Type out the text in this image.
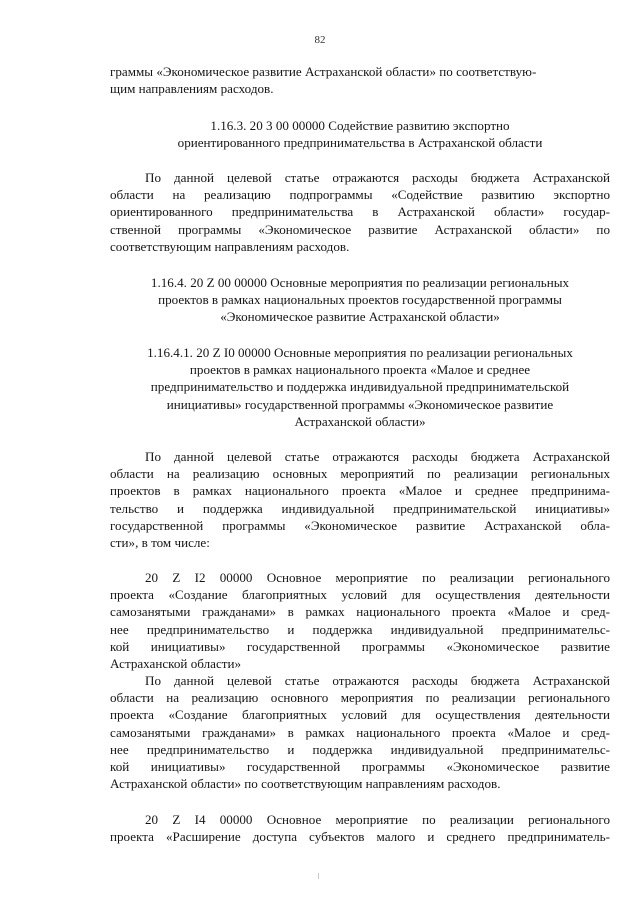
82
граммы «Экономическое развитие Астраханской области» по соответствую-
щим направлениям расходов.
1.16.3. 20 3 00 00000 Содействие развитию экспортно
ориентированного предпринимательства в Астраханской области
По данной целевой статье отражаются расходы бюджета Астраханской
области на реализацию подпрограммы «Содействие развитию экспортно
ориентированного предпринимательства в Астраханской области» государ-
ственной программы «Экономическое развитие Астраханской области» по
соответствующим направлениям расходов.
1.16.4. 20 Z 00 00000 Основные мероприятия по реализации региональных
проектов в рамках национальных проектов государственной программы
«Экономическое развитие Астраханской области»
1.16.4.1. 20 Z I0 00000 Основные мероприятия по реализации региональных
проектов в рамках национального проекта «Малое и среднее
предпринимательство и поддержка индивидуальной предпринимательской
инициативы» государственной программы «Экономическое развитие
Астраханской области»
По данной целевой статье отражаются расходы бюджета Астраханской
области на реализацию основных мероприятий по реализации региональных
проектов в рамках национального проекта «Малое и среднее предпринима-
тельство и поддержка индивидуальной предпринимательской инициативы»
государственной программы «Экономическое развитие Астраханской обла-
сти», в том числе:
20 Z I2 00000 Основное мероприятие по реализации регионального
проекта «Создание благоприятных условий для осуществления деятельности
самозанятыми гражданами» в рамках национального проекта «Малое и сред-
нее предпринимательство и поддержка индивидуальной предпринимательс-
кой инициативы» государственной программы «Экономическое развитие
Астраханской области»
По данной целевой статье отражаются расходы бюджета Астраханской
области на реализацию основного мероприятия по реализации регионального
проекта «Создание благоприятных условий для осуществления деятельности
самозанятыми гражданами» в рамках национального проекта «Малое и сред-
нее предпринимательство и поддержка индивидуальной предпринимательс-
кой инициативы» государственной программы «Экономическое развитие
Астраханской области» по соответствующим направлениям расходов.
20 Z I4 00000 Основное мероприятие по реализации регионального
проекта «Расширение доступа субъектов малого и среднего предприниматель-
